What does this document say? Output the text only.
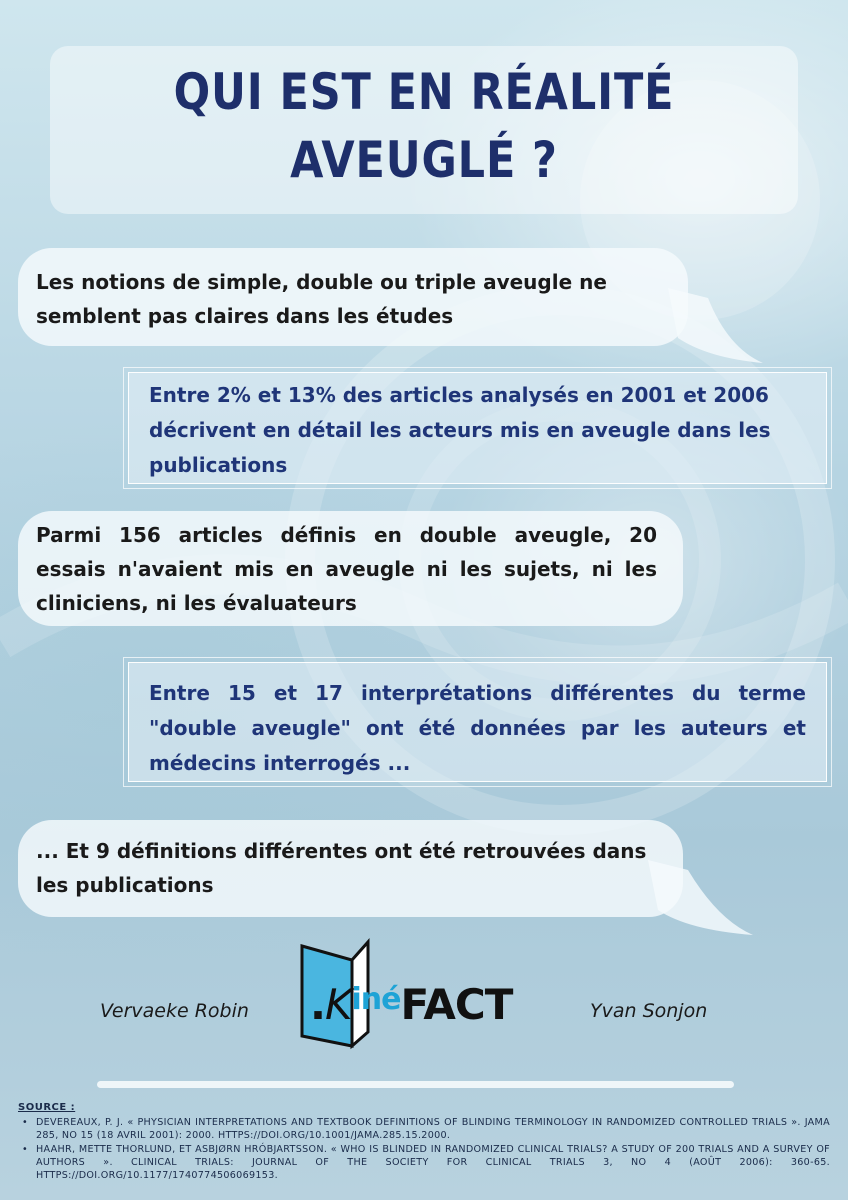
QUI EST EN RÉALITÉ
AVEUGLÉ ?

Les notions de simple, double ou triple aveugle ne semblent pas claires dans les études

Entre 2% et 13% des articles analysés en 2001 et 2006 décrivent en détail les acteurs mis en aveugle dans les publications

Parmi 156 articles définis en double aveugle, 20 essais n'avaient mis en aveugle ni les sujets, ni les cliniciens, ni les évaluateurs

Entre 15 et 17 interprétations différentes du terme "double aveugle" ont été données par les auteurs et médecins interrogés ...

... Et 9 définitions différentes ont été retrouvées dans les publications

Vervaeke Robin	Yvan Sonjon
$.K^{iné}FACT$
SOURCE :
• DEVEREAUX, P. J. « PHYSICIAN INTERPRETATIONS AND TEXTBOOK DEFINITIONS OF BLINDING TERMINOLOGY IN RANDOMIZED CONTROLLED TRIALS ». JAMA 285, NO 15 (18 AVRIL 2001): 2000. HTTPS://DOI.ORG/10.1001/JAMA.285.15.2000.
• HAAHR, METTE THORLUND, ET ASBJØRN HRÓBJARTSSON. « WHO IS BLINDED IN RANDOMIZED CLINICAL TRIALS? A STUDY OF 200 TRIALS AND A SURVEY OF AUTHORS ». CLINICAL TRIALS: JOURNAL OF THE SOCIETY FOR CLINICAL TRIALS 3, NO 4 (AOÛT 2006): 360-65. HTTPS://DOI.ORG/10.1177/1740774506069153.
